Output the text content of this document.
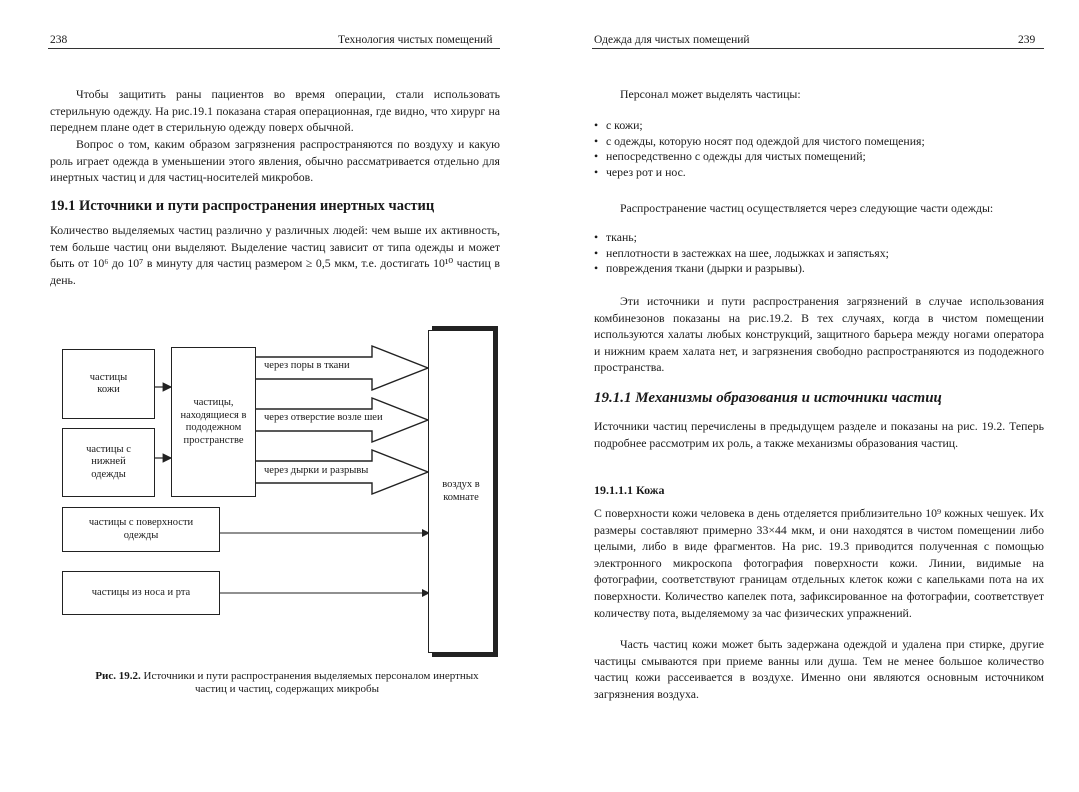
238	Технология чистых помещений

Чтобы защитить раны пациентов во время операции, стали использовать стерильную одежду. На рис.19.1 показана старая операционная, где видно, что хирург на переднем плане одет в стерильную одежду поверх обычной.

Вопрос о том, каким образом загрязнения распространяются по воздуху и какую роль играет одежда в уменьшении этого явления, обычно рассматривается отдельно для инертных частиц и для частиц-носителей микробов.

19.1 Источники и пути распространения инертных частиц

Количество выделяемых частиц различно у различных людей: чем выше их активность, тем больше частиц они выделяют. Выделение частиц зависит от типа одежды и может быть от 10⁶ до 10⁷ в минуту для частиц размером ≥ 0,5 мкм, т.е. достигать 10¹⁰ частиц в день.

воздух в комнате
частицы кожи
частицы с нижней одежды
частицы, находящиеся в пододежном пространстве
частицы с поверхности одежды
частицы из носа и рта
через поры в ткани
через отверстие возле шеи
через дырки и разрывы

Рис. 19.2. Источники и пути распространения выделяемых персоналом инертных частиц и частиц, содержащих микробы

Одежда для чистых помещений	239

Персонал может выделять частицы:

• с кожи;
• с одежды, которую носят под одеждой для чистого помещения;
• непосредственно с одежды для чистых помещений;
• через рот и нос.

Распространение частиц осуществляется через следующие части одежды:

• ткань;
• неплотности в застежках на шее, лодыжках и запястьях;
• повреждения ткани (дырки и разрывы).

Эти источники и пути распространения загрязнений в случае использования комбинезонов показаны на рис.19.2. В тех случаях, когда в чистом помещении используются халаты любых конструкций, защитного барьера между ногами оператора и нижним краем халата нет, и загрязнения свободно распространяются из пододежного пространства.

19.1.1 Механизмы образования и источники частиц

Источники частиц перечислены в предыдущем разделе и показаны на рис. 19.2. Теперь подробнее рассмотрим их роль, а также механизмы образования частиц.

19.1.1.1 Кожа

С поверхности кожи человека в день отделяется приблизительно 10⁹ кожных чешуек. Их размеры составляют примерно 33×44 мкм, и они находятся в чистом помещении либо целыми, либо в виде фрагментов. На рис. 19.3 приводится полученная с помощью электронного микроскопа фотография поверхности кожи. Линии, видимые на фотографии, соответствуют границам отдельных клеток кожи с капельками пота на их поверхности. Количество капелек пота, зафиксированное на фотографии, соответствует количеству пота, выделяемому за час физических упражнений.

Часть частиц кожи может быть задержана одеждой и удалена при стирке, другие частицы смываются при приеме ванны или душа. Тем не менее большое количество частиц кожи рассеивается в воздухе. Именно они являются основным источником загрязнения воздуха.
